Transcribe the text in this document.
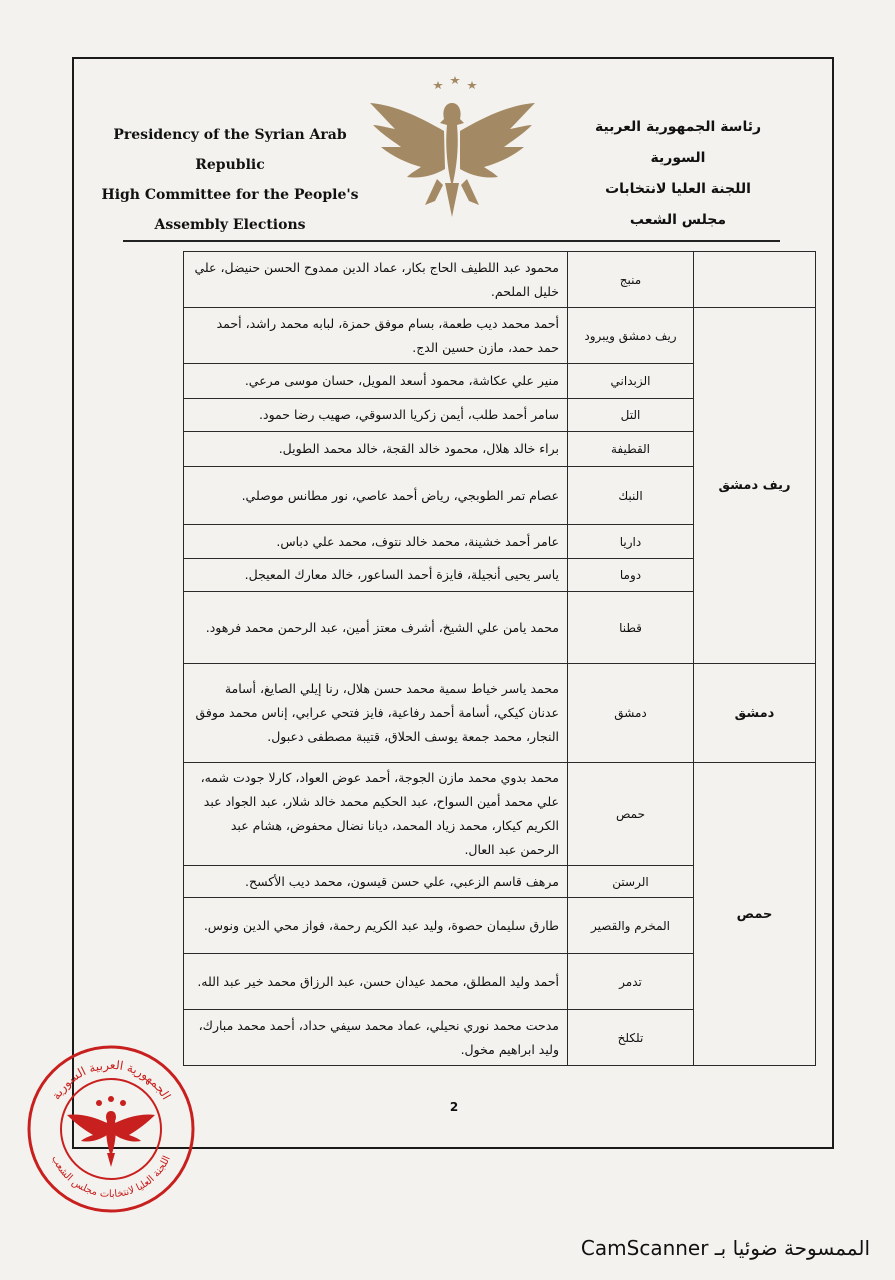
Presidency of the Syrian Arab Republic
High Committee for the People's
Assembly Elections
رئاسة الجمهورية العربية السورية
اللجنة العليا لانتخابات
مجلس الشعب
	منبج	محمود عبد اللطيف الحاج بكار، عماد الدين ممدوح الحسن حنيضل، علي خليل الملحم.
ريف دمشق	ريف دمشق ويبرود	أحمد محمد ديب طعمة، بسام موفق حمزة، لبابه محمد راشد، أحمد حمد حمد، مازن حسين الدج.
	الزبداني	منير علي عكاشة، محمود أسعد المويل، حسان موسى مرعي.
	التل	سامر أحمد طلب، أيمن زكريا الدسوقي، صهيب رضا حمود.
	القطيفة	براء خالد هلال، محمود خالد القجة، خالد محمد الطويل.
	النبك	عصام تمر الطوبجي، رياض أحمد عاصي، نور مطانس موصلي.
	داريا	عامر أحمد خشينة، محمد خالد نتوف، محمد علي دباس.
	دوما	ياسر يحيى أنجيلة، فايزة أحمد الساعور، خالد معارك المعيجل.
	قطنا	محمد يامن علي الشيخ، أشرف معتز أمين، عبد الرحمن محمد فرهود.
دمشق	دمشق	محمد ياسر خياط سمية محمد حسن هلال، رنا إيلي الصايغ، أسامة عدنان كيكي، أسامة أحمد رفاعية، فايز فتحي عرابي، إناس محمد موفق النجار، محمد جمعة يوسف الحلاق، قتيبة مصطفى دعبول.
حمص	حمص	محمد بدوي محمد مازن الجوجة، أحمد عوض العواد، كارلا جودت شمه، علي محمد أمين السواح، عبد الحكيم محمد خالد شلار، عبد الجواد عبد الكريم كيكار، محمد زياد المحمد، ديانا نضال محفوض، هشام عبد الرحمن عبد العال.
	الرستن	مرهف قاسم الزعبي، علي حسن قيسون، محمد ديب الأكسح.
	المخرم والقصير	طارق سليمان حصوة، وليد عبد الكريم رحمة، فواز محي الدين ونوس.
	تدمر	أحمد وليد المطلق، محمد عيدان حسن، عبد الرزاق محمد خير عبد الله.
	تلكلخ	مدحت محمد نوري نحيلي، عماد محمد سيفي حداد، أحمد محمد مبارك، وليد ابراهيم مخول.
2
الجمهورية العربية السورية
اللجنة العليا لانتخابات مجلس الشعب
الممسوحة ضوئيا بـ CamScanner
